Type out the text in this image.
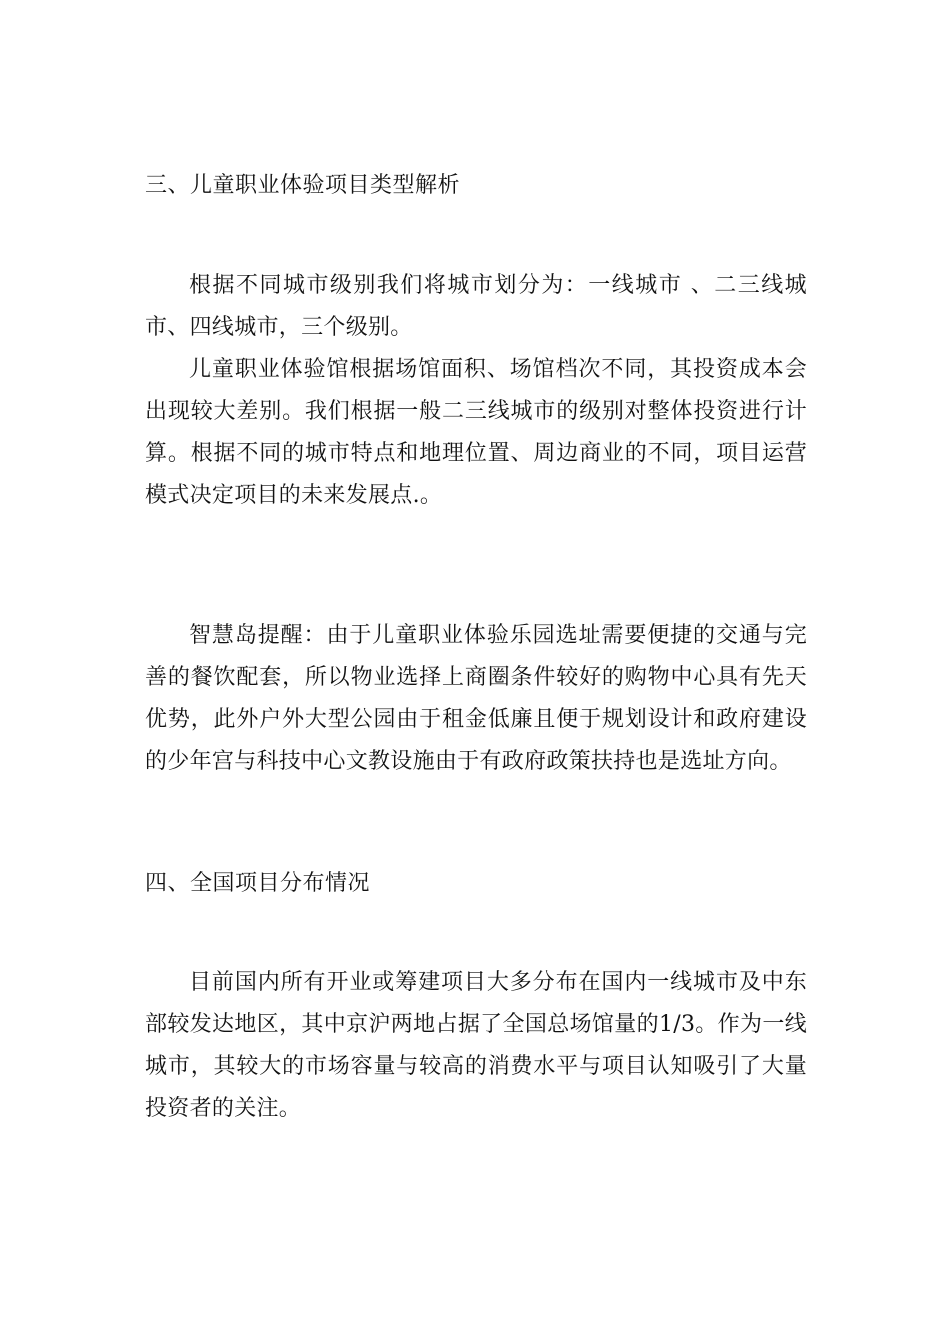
三、儿童职业体验项目类型解析

根据不同城市级别我们将城市划分为：一线城市 、二三线城市、四线城市，三个级别。

儿童职业体验馆根据场馆面积、场馆档次不同，其投资成本会出现较大差别。我们根据一般二三线城市的级别对整体投资进行计算。根据不同的城市特点和地理位置、周边商业的不同，项目运营模式决定项目的未来发展点.。

智慧岛提醒：由于儿童职业体验乐园选址需要便捷的交通与完善的餐饮配套，所以物业选择上商圈条件较好的购物中心具有先天优势，此外户外大型公园由于租金低廉且便于规划设计和政府建设的少年宫与科技中心文教设施由于有政府政策扶持也是选址方向。

四、全国项目分布情况

目前国内所有开业或筹建项目大多分布在国内一线城市及中东部较发达地区，其中京沪两地占据了全国总场馆量的1/3。作为一线城市，其较大的市场容量与较高的消费水平与项目认知吸引了大量投资者的关注。
